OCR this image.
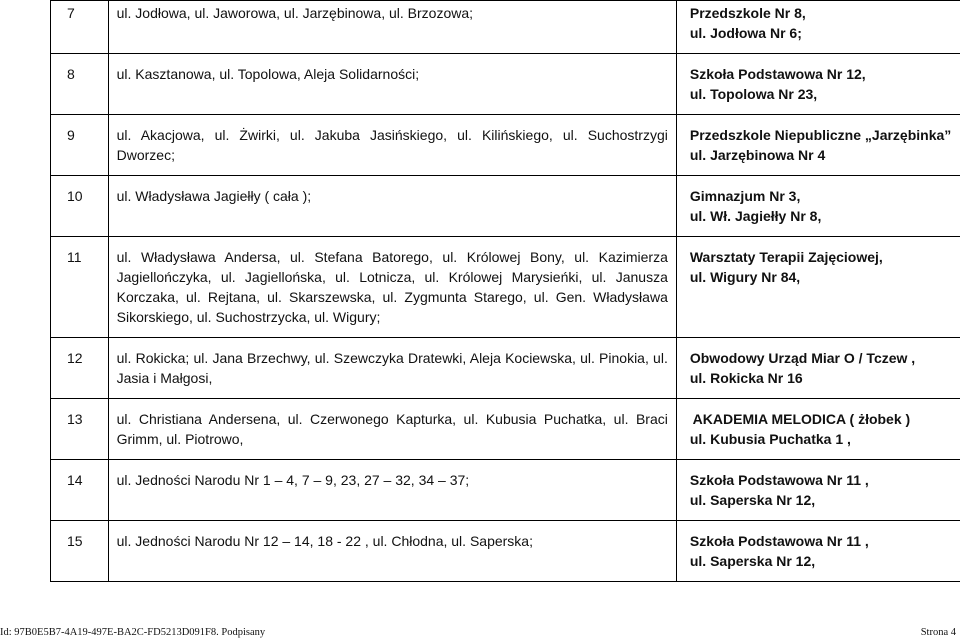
7	ul. Jodłowa, ul. Jaworowa, ul. Jarzębinowa, ul. Brzozowa;	Przedszkole Nr 8,

ul. Jodłowa Nr 6;

8	ul. Kasztanowa, ul. Topolowa, Aleja Solidarności;	Szkoła Podstawowa Nr 12,

ul. Topolowa Nr 23,

9	ul. Akacjowa, ul. Żwirki, ul. Jakuba Jasińskiego, ul. Kilińskiego, ul. Suchostrzygi Dworzec;	Przedszkole Niepubliczne „Jarzębinka”

ul. Jarzębinowa Nr 4

10	ul. Władysława Jagiełły ( cała );	Gimnazjum Nr 3,

ul. Wł. Jagiełły Nr 8,

11	ul. Władysława Andersa, ul. Stefana Batorego, ul. Królowej Bony, ul. Kazimierza Jagiellończyka, ul. Jagiellońska, ul. Lotnicza, ul. Królowej Marysieńki, ul. Janusza Korczaka, ul. Rejtana, ul. Skarszewska, ul. Zygmunta Starego, ul. Gen. Władysława Sikorskiego, ul. Suchostrzycka, ul. Wigury;	Warsztaty Terapii Zajęciowej,

ul. Wigury Nr 84,

12	ul. Rokicka; ul. Jana Brzechwy, ul. Szewczyka Dratewki, Aleja Kociewska, ul. Pinokia, ul. Jasia i Małgosi,	Obwodowy Urząd Miar O / Tczew ,

ul. Rokicka Nr 16

13	ul. Christiana Andersena, ul. Czerwonego Kapturka, ul. Kubusia Puchatka, ul. Braci Grimm, ul. Piotrowo,	AKADEMIA MELODICA ( żłobek )
ul. Kubusia Puchatka 1 ,

14	ul. Jedności Narodu Nr 1 – 4, 7 – 9, 23, 27 – 32, 34 – 37;	Szkoła Podstawowa Nr 11 ,

ul. Saperska Nr 12,

15	ul. Jedności Narodu Nr 12 – 14, 18 - 22 , ul. Chłodna, ul. Saperska;	Szkoła Podstawowa Nr 11 ,

ul. Saperska Nr 12,
Id: 97B0E5B7-4A19-497E-BA2C-FD5213D091F8. Podpisany	Strona 4
